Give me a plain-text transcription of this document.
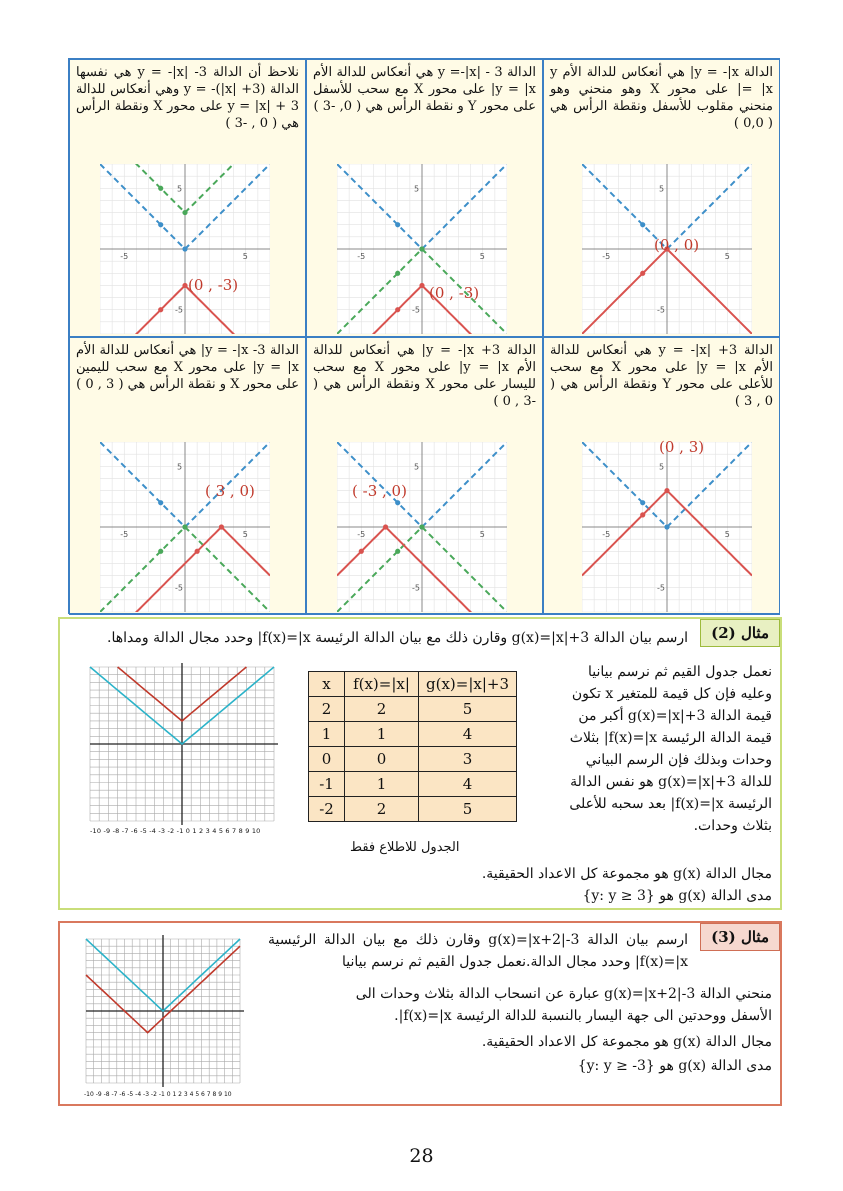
الدالة y = -|x| هي أنعكاس للدالة الأم y = |x| على محور X وهو منحني وهو منحني مقلوب للأسفل ونقطة الرأس هي ( 0,0 )
-5	5
5
-5
(0 , 0)
الدالة y =-|x| - 3 هي أنعكاس للدالة الأم y = |x| على محور X مع سحب للأسفل على محور Y و نقطة الرأس هي ( 0, -3 )
-5	5
5
-5
(0 , -3)
نلاحظ أن الدالة y = -|x| -3 هي نفسها الدالة y = -(|x| +3) وهي أنعكاس للدالة y = |x| + 3 على محور X ونقطة الرأس هي ( 0 , -3 )
-5	5
5
-5
(0 , -3)
الدالة y = -|x| +3 هي أنعكاس للدالة الأم y = |x| على محور X مع سحب للأعلى على محور Y ونقطة الرأس هي ( 0 , 3 )
-5	5
5
-5
(0 , 3)
الدالة y = -|x +3| هي أنعكاس للدالة الأم y = |x| على محور X مع سحب لليسار على محور X ونقطة الرأس هي ( -3 , 0 )
-5	5
5
-5
( -3 , 0)
الدالة y = -|x -3| هي أنعكاس للدالة الأم y = |x| على محور X مع سحب لليمين على محور X و نقطة الرأس هي ( 3 , 0 )
-5	5
5
-5
( 3 , 0)
مثال (2)
ارسم بيان الدالة g(x)=|x|+3 وقارن ذلك مع بيان الدالة الرئيسة f(x)=|x| وحدد مجال الدالة ومداها.
نعمل جدول القيم ثم نرسم بيانيا
وعليه فإن كل قيمة للمتغير x تكون
قيمة الدالة g(x)=|x|+3 أكبر من
قيمة الدالة الرئيسة f(x)=|x| بثلاث
وحدات وبذلك فإن الرسم البياني
للدالة g(x)=|x|+3 هو نفس الدالة
الرئيسة f(x)=|x| بعد سحبه للأعلى
بثلاث وحدات.
x	f(x)=|x|	g(x)=|x|+3
2	2	5
1	1	4
0	0	3
-1	1	4
-2	2	5
الجدول للاطلاع فقط
-10 -9 -8 -7 -6 -5 -4 -3 -2 -1 0 1 2 3 4 5 6 7 8 9 10
مجال الدالة g(x) هو مجموعة كل الاعداد الحقيقية.
مدى الدالة g(x) هو {y: y ≥ 3}
مثال (3)
ارسم بيان الدالة g(x)=|x+2|-3 وقارن ذلك مع بيان الدالة الرئيسية f(x)=|x| وحدد مجال الدالة.نعمل جدول القيم ثم نرسم بيانيا
منحني الدالة g(x)=|x+2|-3 عبارة عن انسحاب الدالة بثلاث وحدات الى
الأسفل ووحدتين الى جهة اليسار بالنسبة للدالة الرئيسة f(x)=|x|.
مجال الدالة g(x) هو مجموعة كل الاعداد الحقيقية.
مدى الدالة g(x) هو {y: y ≥ -3}
-10 -9 -8 -7 -6 -5 -4 -3 -2 -1 0 1 2 3 4 5 6 7 8 9 10
28
